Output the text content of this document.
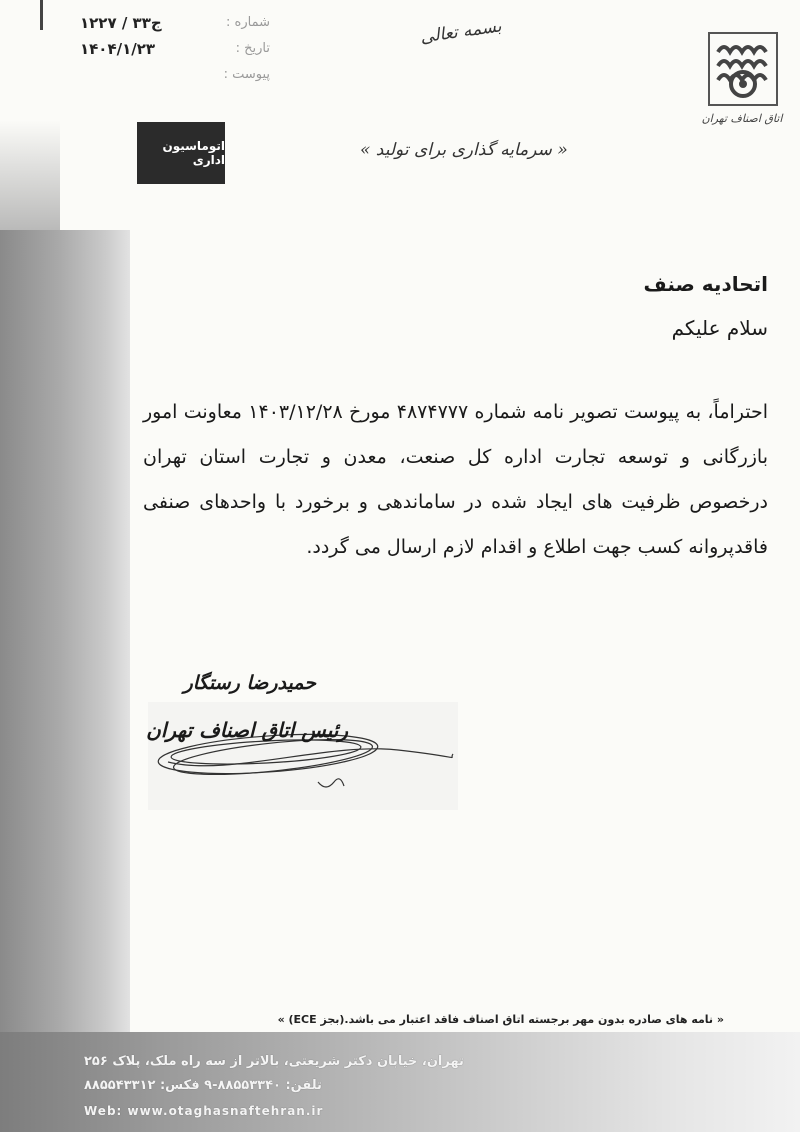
شماره :
۱۲۲۷ / ۳۳ج
تاریخ :
۱۴۰۴/۱/۲۳
پیوست :
بسمه تعالی
« سرمایه گذاری برای تولید »
اتوماسیون اداری
اتاق اصناف تهران
اتحادیه صنف
سلام علیکم
احتراماً، به پیوست تصویر نامه شماره ۴۸۷۴۷۷۷ مورخ ۱۴۰۳/۱۲/۲۸ معاونت امور بازرگانی و توسعه تجارت اداره کل صنعت، معدن و تجارت استان تهران درخصوص ظرفیت های ایجاد شده در ساماندهی و برخورد با واحدهای صنفی فاقدپروانه کسب جهت اطلاع و اقدام لازم ارسال می گردد.
حمیدرضا رستگار
رئیس اتاق اصناف تهران
« نامه های صادره بدون مهر برجسته اتاق اصناف فاقد اعتبار می باشد.(بجز ECE) »
تهران، خیابان دکتر شریعتی، بالاتر از سه راه ملک، پلاک ۲۵۶
تلفن: ۸۸۵۵۳۳۴۰-۹ فکس: ۸۸۵۵۴۳۳۱۲
Web: www.otaghasnaftehran.ir
